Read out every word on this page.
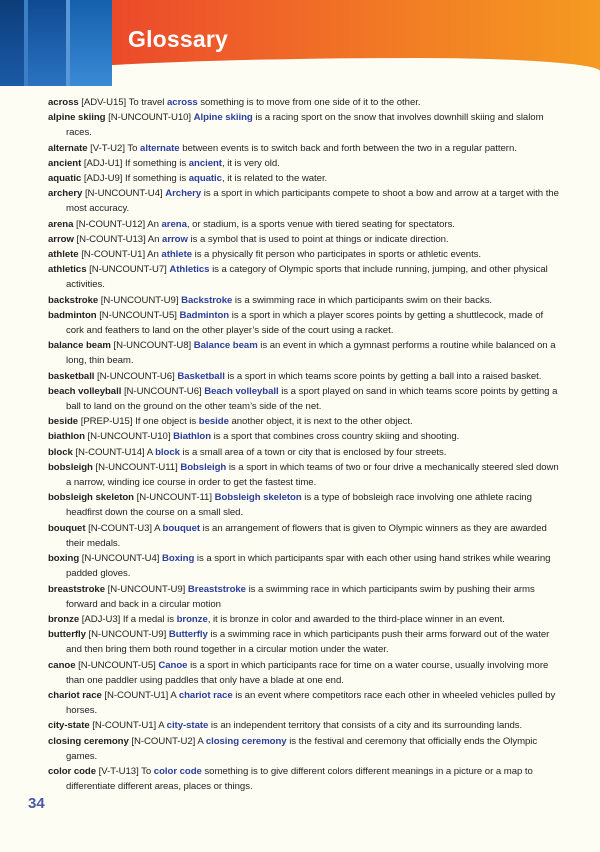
Glossary

across [ADV-U15] To travel across something is to move from one side of it to the other.

alpine skiing [N-UNCOUNT-U10] Alpine skiing is a racing sport on the snow that involves downhill skiing and slalom races.

alternate [V-T-U2] To alternate between events is to switch back and forth between the two in a regular pattern.

ancient [ADJ-U1] If something is ancient, it is very old.

aquatic [ADJ-U9] If something is aquatic, it is related to the water.

archery [N-UNCOUNT-U4] Archery is a sport in which participants compete to shoot a bow and arrow at a target with the most accuracy.

arena [N-COUNT-U12] An arena, or stadium, is a sports venue with tiered seating for spectators.

arrow [N-COUNT-U13] An arrow is a symbol that is used to point at things or indicate direction.

athlete [N-COUNT-U1] An athlete is a physically fit person who participates in sports or athletic events.

athletics [N-UNCOUNT-U7] Athletics is a category of Olympic sports that include running, jumping, and other physical activities.

backstroke [N-UNCOUNT-U9] Backstroke is a swimming race in which participants swim on their backs.

badminton [N-UNCOUNT-U5] Badminton is a sport in which a player scores points by getting a shuttlecock, made of cork and feathers to land on the other player’s side of the court using a racket.

balance beam [N-UNCOUNT-U8] Balance beam is an event in which a gymnast performs a routine while balanced on a long, thin beam.

basketball [N-UNCOUNT-U6] Basketball is a sport in which teams score points by getting a ball into a raised basket.

beach volleyball [N-UNCOUNT-U6] Beach volleyball is a sport played on sand in which teams score points by getting a ball to land on the ground on the other team’s side of the net.

beside [PREP-U15] If one object is beside another object, it is next to the other object.

biathlon [N-UNCOUNT-U10] Biathlon is a sport that combines cross country skiing and shooting.

block [N-COUNT-U14] A block is a small area of a town or city that is enclosed by four streets.

bobsleigh [N-UNCOUNT-U11] Bobsleigh is a sport in which teams of two or four drive a mechanically steered sled down a narrow, winding ice course in order to get the fastest time.

bobsleigh skeleton [N-UNCOUNT-11] Bobsleigh skeleton is a type of bobsleigh race involving one athlete racing headfirst down the course on a small sled.

bouquet [N-COUNT-U3] A bouquet is an arrangement of flowers that is given to Olympic winners as they are awarded their medals.

boxing [N-UNCOUNT-U4] Boxing is a sport in which participants spar with each other using hand strikes while wearing padded gloves.

breaststroke [N-UNCOUNT-U9] Breaststroke is a swimming race in which participants swim by pushing their arms forward and back in a circular motion

bronze [ADJ-U3] If a medal is bronze, it is bronze in color and awarded to the third-place winner in an event.

butterfly [N-UNCOUNT-U9] Butterfly is a swimming race in which participants push their arms forward out of the water and then bring them both round together in a circular motion under the water.

canoe [N-UNCOUNT-U5] Canoe is a sport in which participants race for time on a water course, usually involving more than one paddler using paddles that only have a blade at one end.

chariot race [N-COUNT-U1] A chariot race is an event where competitors race each other in wheeled vehicles pulled by horses.

city-state [N-COUNT-U1] A city-state is an independent territory that consists of a city and its surrounding lands.

closing ceremony [N-COUNT-U2] A closing ceremony is the festival and ceremony that officially ends the Olympic games.

color code [V-T-U13] To color code something is to give different colors different meanings in a picture or a map to differentiate different areas, places or things.

34
